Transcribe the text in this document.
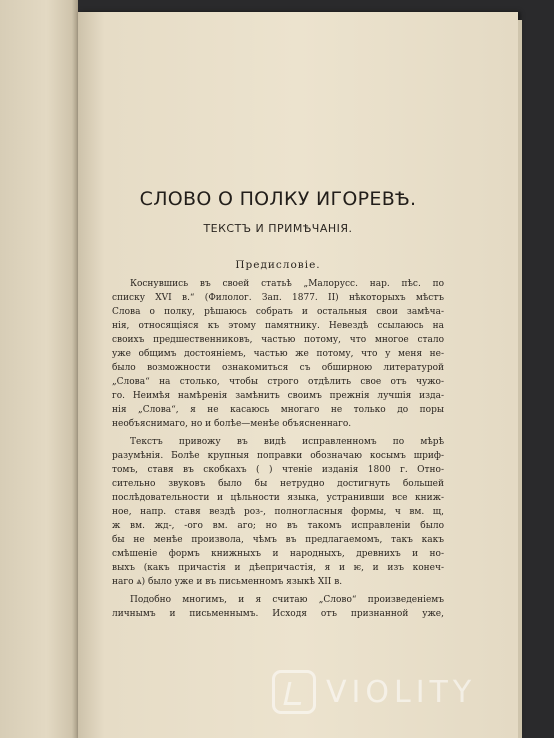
СЛОВО О ПОЛКУ ИГОРЕВѢ.
ТЕКСТЪ И ПРИМѢЧАНІЯ.
Предисловіе.

Коснувшись въ своей статьѣ „Малорусс. нар. пѣс. по
списку XVI в.“ (Филолог. Зап. 1877. II) нѣкоторыхъ мѣстъ
Слова о полку, рѣшаюсь собрать и остальныя свои замѣча-
нія, относящіяся къ этому памятнику. Невездѣ ссылаюсь на
своихъ предшественниковъ, частью потому, что многое стало
уже общимъ достояніемъ, частью же потому, что у меня не-
было возможности ознакомиться съ обширною литературой
„Слова“ на столько, чтобы строго отдѣлить свое отъ чужо-
го. Неимѣя намѣренія замѣнить своимъ прежнія лучшія изда-
нія „Слова“, я не касаюсь многаго не только до поры
необъяснимаго, но и болѣе—менѣе объясненнаго.

Текстъ привожу въ видѣ исправленномъ по мѣрѣ
разумѣнія. Болѣе крупныя поправки обозначаю косымъ шриф-
томъ, ставя въ скобкахъ ( ) чтеніе изданія 1800 г. Отно-
сительно звуковъ было бы нетрудно достигнуть большей
послѣдовательности и цѣльности языка, устранивши все книж-
ное, напр. ставя вездѣ роз-, полногласныя формы, ч вм. щ,
ж вм. жд-, -ого вм. аго; но въ такомъ исправленіи было
бы не менѣе произвола, чѣмъ въ предлагаемомъ, такъ какъ
смѣшеніе формъ книжныхъ и народныхъ, древнихъ и но-
выхъ (какъ причастія и дѣепричастія, я и ѥ, и изъ конеч-
наго ѧ) было уже и въ письменномъ языкѣ XII в.

Подобно многимъ, и я считаю „Слово“ произведеніемъ
личнымъ и письменнымъ. Исходя отъ признанной уже,

VIOLITY
